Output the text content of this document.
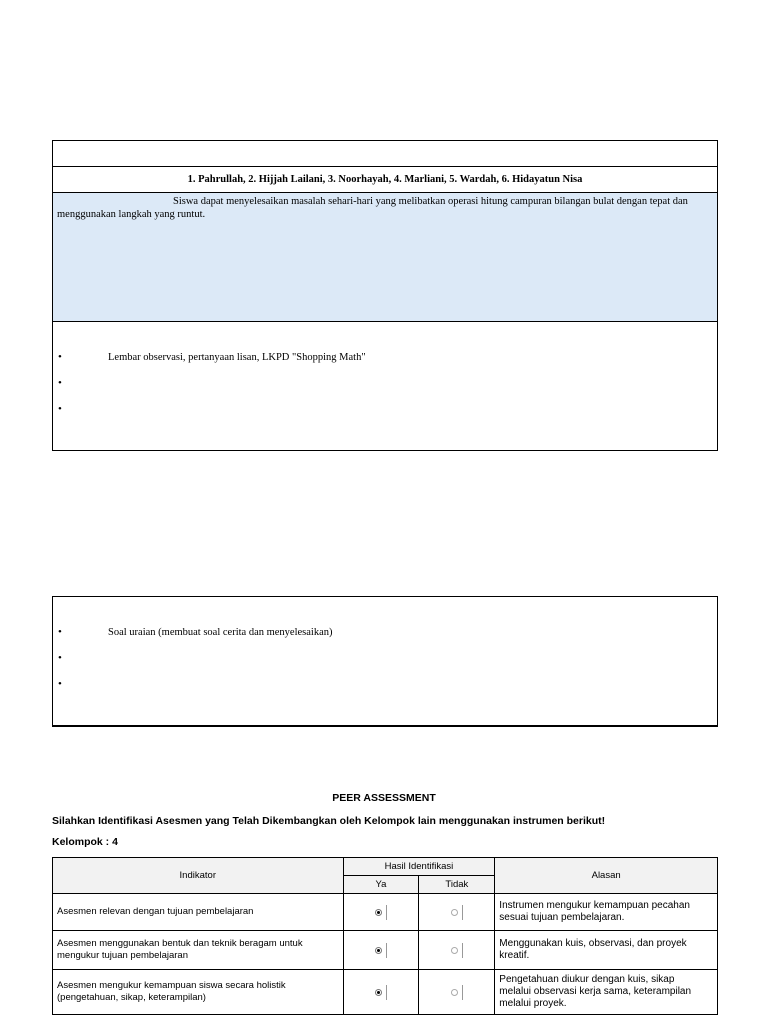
1. Pahrullah, 2. Hijjah Lailani, 3. Noorhayah, 4. Marliani, 5. Wardah, 6. Hidayatun Nisa
Siswa dapat menyelesaikan masalah sehari-hari yang melibatkan operasi hitung campuran bilangan bulat dengan tepat dan
menggunakan langkah yang runtut.
•	Lembar observasi, pertanyaan lisan, LKPD "Shopping Math"
•
•
•	Soal uraian (membuat soal cerita dan menyelesaikan)
•
•
PEER ASSESSMENT
Silahkan Identifikasi Asesmen yang Telah Dikembangkan oleh Kelompok lain menggunakan instrumen berikut!
Kelompok : 4
Indikator	Hasil Identifikasi		Alasan
	Ya	Tidak	
Asesmen relevan dengan tujuan pembelajaran			Instrumen mengukur kemampuan pecahan
sesuai tujuan pembelajaran.
Asesmen menggunakan bentuk dan teknik beragam untuk
mengukur tujuan pembelajaran			Menggunakan kuis, observasi, dan proyek
kreatif.
Asesmen mengukur kemampuan siswa secara holistik
(pengetahuan, sikap, keterampilan)			Pengetahuan diukur dengan kuis, sikap
melalui observasi kerja sama, keterampilan
melalui proyek.
